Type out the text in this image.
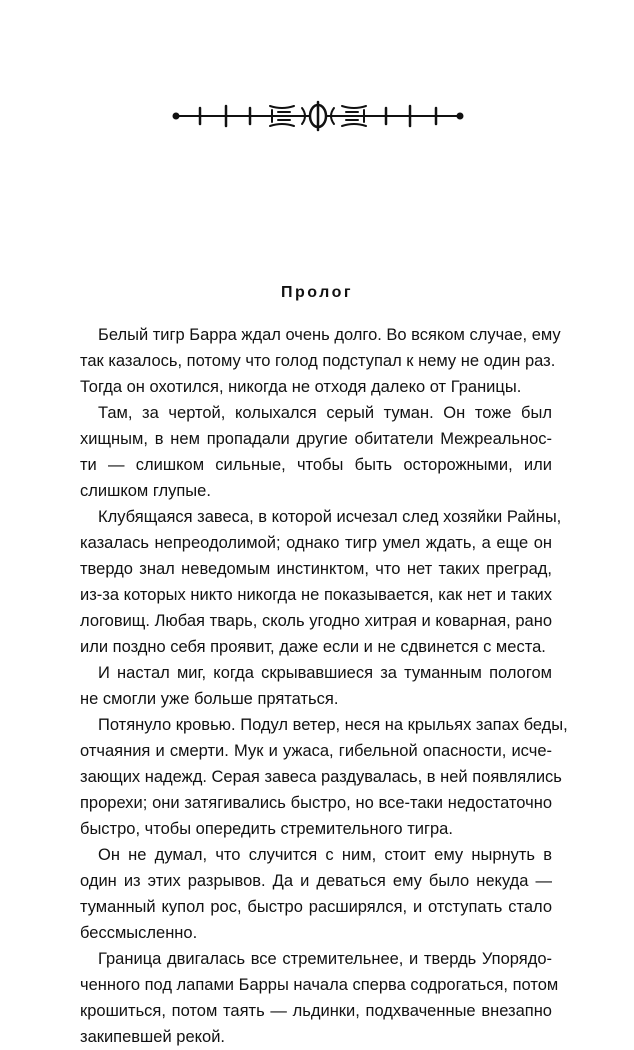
Пролог
Белый тигр Барра ждал очень долго. Во всяком случае, ему
так казалось, потому что голод подступал к нему не один раз.
Тогда он охотился, никогда не отходя далеко от Границы.
Там, за чертой, колыхался серый туман. Он тоже был
хищным, в нем пропадали другие обитатели Межреальнос-
ти — слишком сильные, чтобы быть осторожными, или
слишком глупые.
Клубящаяся завеса, в которой исчезал след хозяйки Райны,
казалась непреодолимой; однако тигр умел ждать, а еще он
твердо знал неведомым инстинктом, что нет таких преград,
из-за которых никто никогда не показывается, как нет и таких
логовищ. Любая тварь, сколь угодно хитрая и коварная, рано
или поздно себя проявит, даже если и не сдвинется с места.
И настал миг, когда скрывавшиеся за туманным пологом
не смогли уже больше прятаться.
Потянуло кровью. Подул ветер, неся на крыльях запах беды,
отчаяния и смерти. Мук и ужаса, гибельной опасности, исче-
зающих надежд. Серая завеса раздувалась, в ней появлялись
прорехи; они затягивались быстро, но все-таки недостаточно
быстро, чтобы опередить стремительного тигра.
Он не думал, что случится с ним, стоит ему нырнуть в
один из этих разрывов. Да и деваться ему было некуда —
туманный купол рос, быстро расширялся, и отступать стало
бессмысленно.
Граница двигалась все стремительнее, и твердь Упорядо-
ченного под лапами Барры начала сперва содрогаться, потом
крошиться, потом таять — льдинки, подхваченные внезапно
закипевшей рекой.
